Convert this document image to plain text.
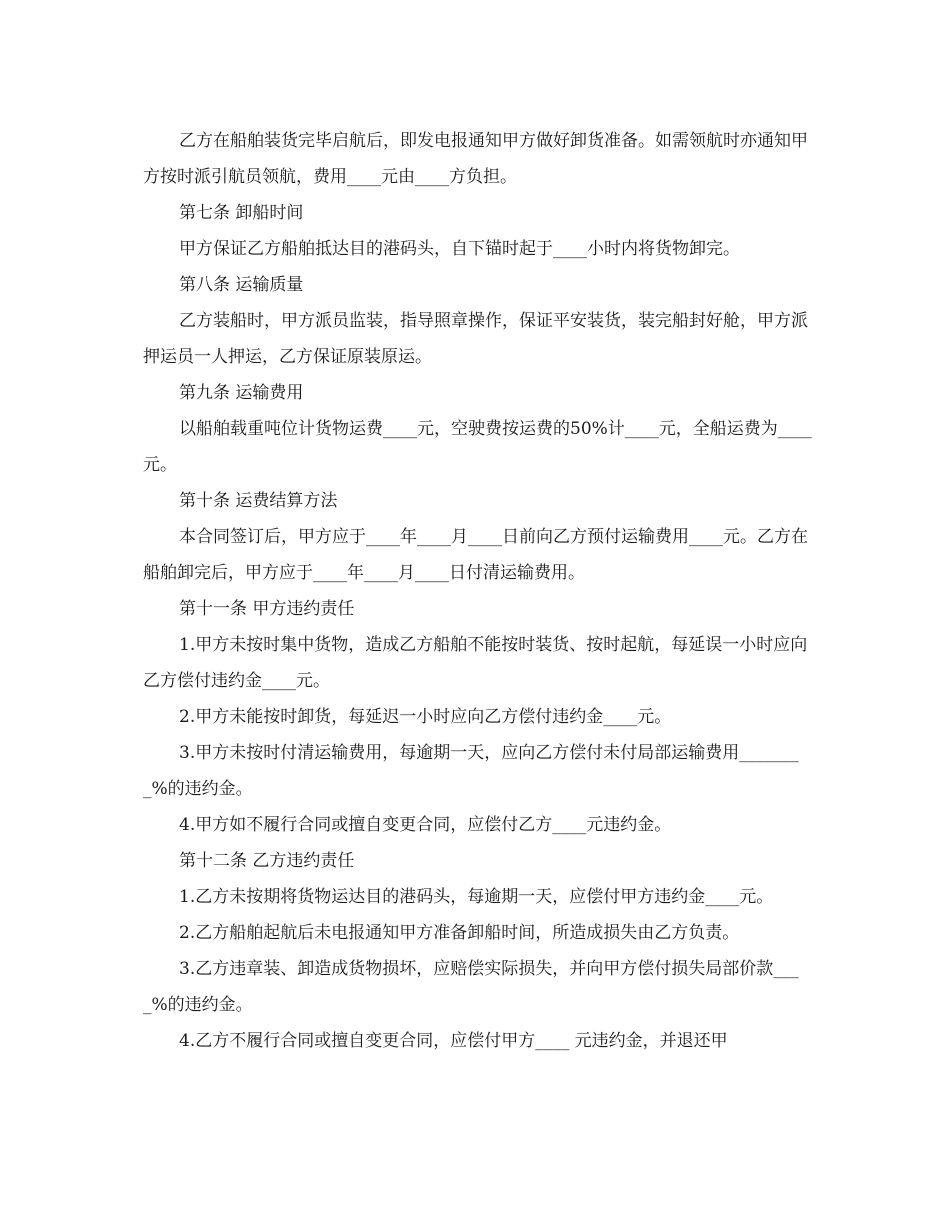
乙方在船舶装货完毕启航后，即发电报通知甲方做好卸货准备。如需领航时亦通知甲方按时派引航员领航，费用____元由____方负担。

第七条 卸船时间

甲方保证乙方船舶抵达目的港码头，自下锚时起于____小时内将货物卸完。

第八条 运输质量

乙方装船时，甲方派员监装，指导照章操作，保证平安装货，装完船封好舱，甲方派押运员一人押运，乙方保证原装原运。

第九条 运输费用

以船舶载重吨位计货物运费____元，空驶费按运费的50%计____元，全船运费为____元。

第十条 运费结算方法

本合同签订后，甲方应于____年____月____日前向乙方预付运输费用____元。乙方在船舶卸完后，甲方应于____年____月____日付清运输费用。

第十一条 甲方违约责任

1.甲方未按时集中货物，造成乙方船舶不能按时装货、按时起航，每延误一小时应向乙方偿付违约金____元。

2.甲方未能按时卸货，每延迟一小时应向乙方偿付违约金____元。

3.甲方未按时付清运输费用，每逾期一天，应向乙方偿付未付局部运输费用________%的违约金。

4.甲方如不履行合同或擅自变更合同，应偿付乙方____元违约金。

第十二条 乙方违约责任

1.乙方未按期将货物运达目的港码头，每逾期一天，应偿付甲方违约金____元。

2.乙方船舶起航后未电报通知甲方准备卸船时间，所造成损失由乙方负责。

3.乙方违章装、卸造成货物损坏，应赔偿实际损失，并向甲方偿付损失局部价款____%的违约金。

4.乙方不履行合同或擅自变更合同，应偿付甲方____ 元违约金，并退还甲
